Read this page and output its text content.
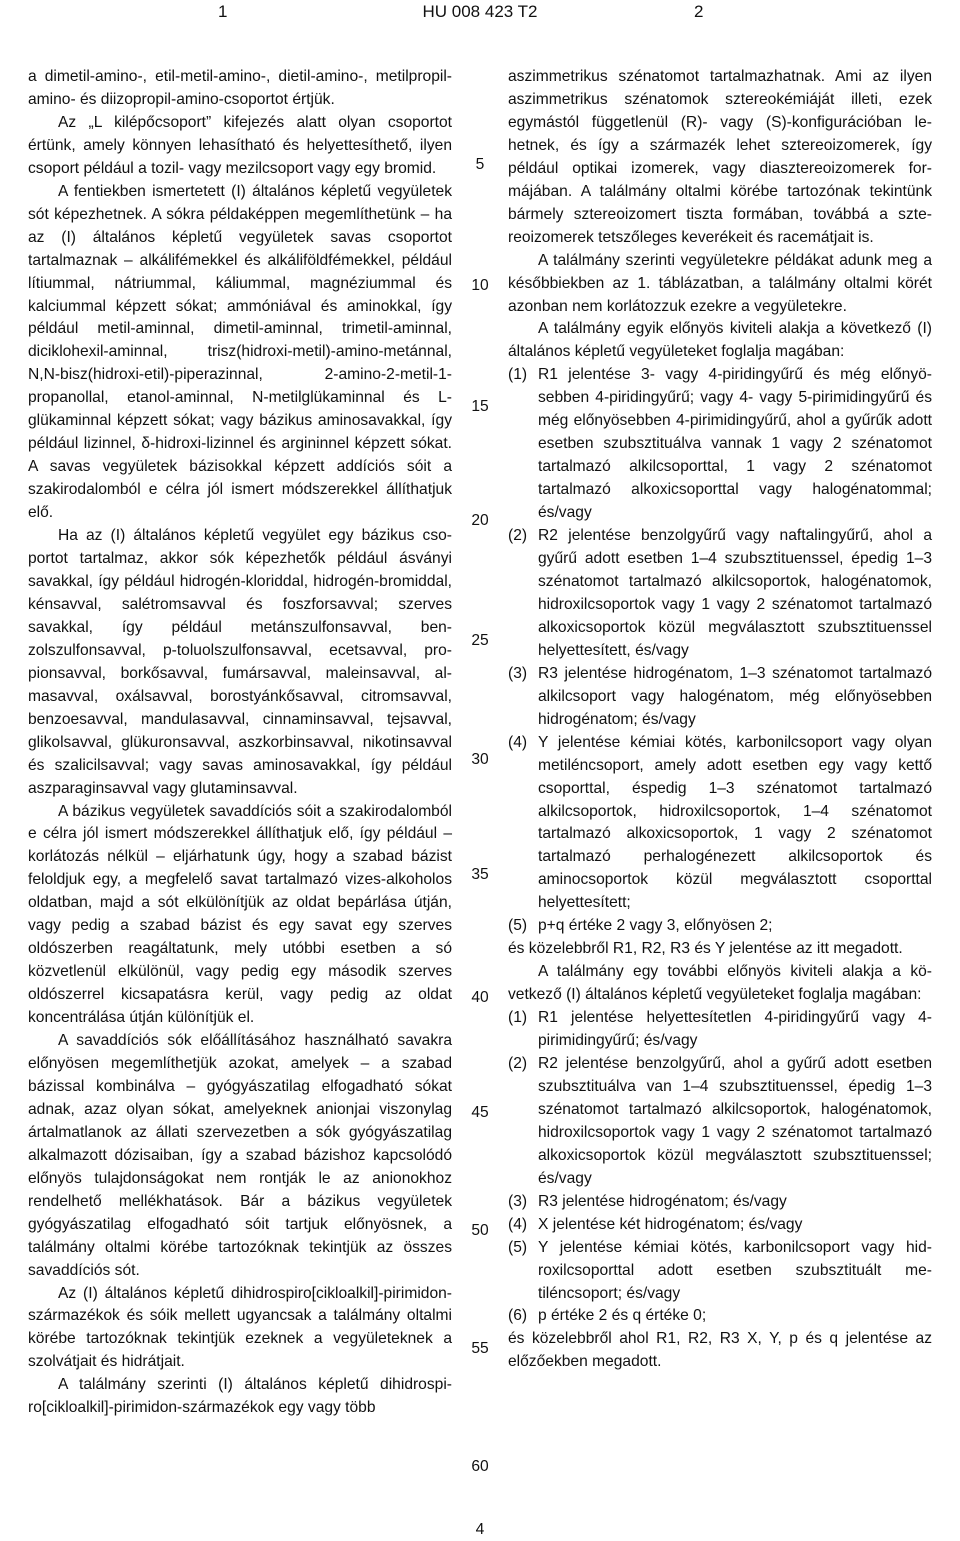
1	HU 008 423 T2	2

a dimetil-amino-, etil-metil-amino-, dietil-amino-, metilpropil-amino- és diizopropil-amino-csoportot értjük.

Az „L kilépőcsoport” kifejezés alatt olyan csoportot értünk, amely könnyen lehasítható és helyettesíthető, ilyen csoport például a tozil- vagy mezilcsoport vagy egy bromid.

A fentiekben ismertetett (I) általános képletű vegyületek sót képezhetnek. A sókra példaképpen megemlíthetünk – ha az (I) általános képletű vegyületek savas csoportot tartalmaznak – alkálifémekkel és alkáliföldfémekkel, például lítiummal, nátriummal, káliummal, magnéziummal és kalciummal képzett sókat; ammóniával és aminokkal, így például metil-aminnal, dimetil-aminnal, trimetil-aminnal, diciklohexil-aminnal, trisz(hidroxi-metil)-amino-metánnal, N,N-bisz(hidroxi-etil)-piperazinnal, 2-amino-2-metil-1-propanollal, etanol-aminnal, N-metilglükaminnal és L-glükaminnal képzett sókat; vagy bázikus aminosavakkal, így például lizinnel, δ-hidroxi-lizinnel és argininnel képzett sókat. A savas vegyületek bázisokkal képzett addíciós sóit a szakirodalomból e célra jól ismert módszerekkel állíthatjuk elő.

Ha az (I) általános képletű vegyület egy bázikus csoportot tartalmaz, akkor sók képezhetők például ásványi savakkal, így például hidrogén-kloriddal, hidrogén-bromiddal, kénsavval, salétromsavval és foszforsavval; szerves savakkal, így például metánszulfonsavval, benzolszulfonsavval, p-toluolszulfonsavval, ecetsavval, propionsavval, borkősavval, fumársavval, maleinsavval, almasavval, oxálsavval, borostyánkősavval, citromsavval, benzoesavval, mandulasavval, cinnaminsavval, tejsavval, glikolsavval, glükuronsavval, aszkorbinsavval, nikotinsavval és szalicilsavval; vagy savas aminosavakkal, így például aszparaginsavval vagy glutaminsavval.

A bázikus vegyületek savaddíciós sóit a szakirodalomból e célra jól ismert módszerekkel állíthatjuk elő, így például – korlátozás nélkül – eljárhatunk úgy, hogy a szabad bázist feloldjuk egy, a megfelelő savat tartalmazó vizes-alkoholos oldatban, majd a sót elkülönítjük az oldat bepárlása útján, vagy pedig a szabad bázist és egy savat egy szerves oldószerben reagáltatunk, mely utóbbi esetben a só közvetlenül elkülönül, vagy pedig egy második szerves oldószerrel kicsapatásra kerül, vagy pedig az oldat koncentrálása útján különítjük el.

A savaddíciós sók előállításához használható savakra előnyösen megemlíthetjük azokat, amelyek – a szabad bázissal kombinálva – gyógyászatilag elfogadható sókat adnak, azaz olyan sókat, amelyeknek anionjai viszonylag ártalmatlanok az állati szervezetben a sók gyógyászatilag alkalmazott dózisaiban, így a szabad bázishoz kapcsolódó előnyös tulajdonságokat nem rontják le az anionokhoz rendelhető mellékhatások. Bár a bázikus vegyületek gyógyászatilag elfogadható sóit tartjuk előnyösnek, a találmány oltalmi körébe tartozóknak tekintjük az összes savaddíciós sót.

Az (I) általános képletű dihidrospiro[cikloalkil]-pirimidon-származékok és sóik mellett ugyancsak a találmány oltalmi körébe tartozóknak tekintjük ezeknek a vegyületeknek a szolvátjait és hidrátjait.

A találmány szerinti (I) általános képletű dihidrospiro[cikloalkil]-pirimidon-származékok egy vagy több

aszimmetrikus szénatomot tartalmazhatnak. Ami az ilyen aszimmetrikus szénatomok sztereokémiáját illeti, ezek egymástól függetlenül (R)- vagy (S)-konfigurációban lehetnek, és így a származék lehet sztereoizomerek, így például optikai izomerek, vagy diasztereoizomerek formájában. A találmány oltalmi körébe tartozónak tekintünk bármely sztereoizomert tiszta formában, továbbá a sztereoizomerek tetszőleges keverékeit és racemátjait is.

A találmány szerinti vegyületekre példákat adunk meg a későbbiekben az 1. táblázatban, a találmány oltalmi körét azonban nem korlátozzuk ezekre a vegyületekre.

A találmány egyik előnyös kiviteli alakja a következő (I) általános képletű vegyületeket foglalja magában:

(1) R1 jelentése 3- vagy 4-piridingyűrű és még előnyösebben 4-piridingyűrű; vagy 4- vagy 5-pirimidingyűrű és még előnyösebben 4-pirimidingyűrű, ahol a gyűrűk adott esetben szubsztituálva vannak 1 vagy 2 szénatomot tartalmazó alkilcsoporttal, 1 vagy 2 szénatomot tartalmazó alkoxicsoporttal vagy halogénatommal; és/vagy
(2) R2 jelentése benzolgyűrű vagy naftalingyűrű, ahol a gyűrű adott esetben 1–4 szubsztituenssel, épedig 1–3 szénatomot tartalmazó alkilcsoportok, halogénatomok, hidroxilcsoportok vagy 1 vagy 2 szénatomot tartalmazó alkoxicsoportok közül megválasztott szubsztituenssel helyettesített, és/vagy
(3) R3 jelentése hidrogénatom, 1–3 szénatomot tartalmazó alkilcsoport vagy halogénatom, még előnyösebben hidrogénatom; és/vagy
(4) Y jelentése kémiai kötés, karbonilcsoport vagy olyan metiléncsoport, amely adott esetben egy vagy kettő csoporttal, éspedig 1–3 szénatomot tartalmazó alkilcsoportok, hidroxilcsoportok, 1–4 szénatomot tartalmazó alkoxicsoportok, 1 vagy 2 szénatomot tartalmazó perhalogénezett alkilcsoportok és aminocsoportok közül megválasztott csoporttal helyettesített;
(5) p+q értéke 2 vagy 3, előnyösen 2;

és közelebbről R1, R2, R3 és Y jelentése az itt megadott.

A találmány egy további előnyös kiviteli alakja a következő (I) általános képletű vegyületeket foglalja magában:

(1) R1 jelentése helyettesítetlen 4-piridingyűrű vagy 4-pirimidingyűrű; és/vagy
(2) R2 jelentése benzolgyűrű, ahol a gyűrű adott esetben szubsztituálva van 1–4 szubsztituenssel, épedig 1–3 szénatomot tartalmazó alkilcsoportok, halogénatomok, hidroxilcsoportok vagy 1 vagy 2 szénatomot tartalmazó alkoxicsoportok közül megválasztott szubsztituenssel; és/vagy
(3) R3 jelentése hidrogénatom; és/vagy
(4) X jelentése két hidrogénatom; és/vagy
(5) Y jelentése kémiai kötés, karbonilcsoport vagy hidroxilcsoporttal adott esetben szubsztituált metiléncsoport; és/vagy
(6) p értéke 2 és q értéke 0;

és közelebbről ahol R1, R2, R3 X, Y, p és q jelentése az előzőekben megadott.

5
10
15
20
25
30
35
40
45
50
55
60
4
